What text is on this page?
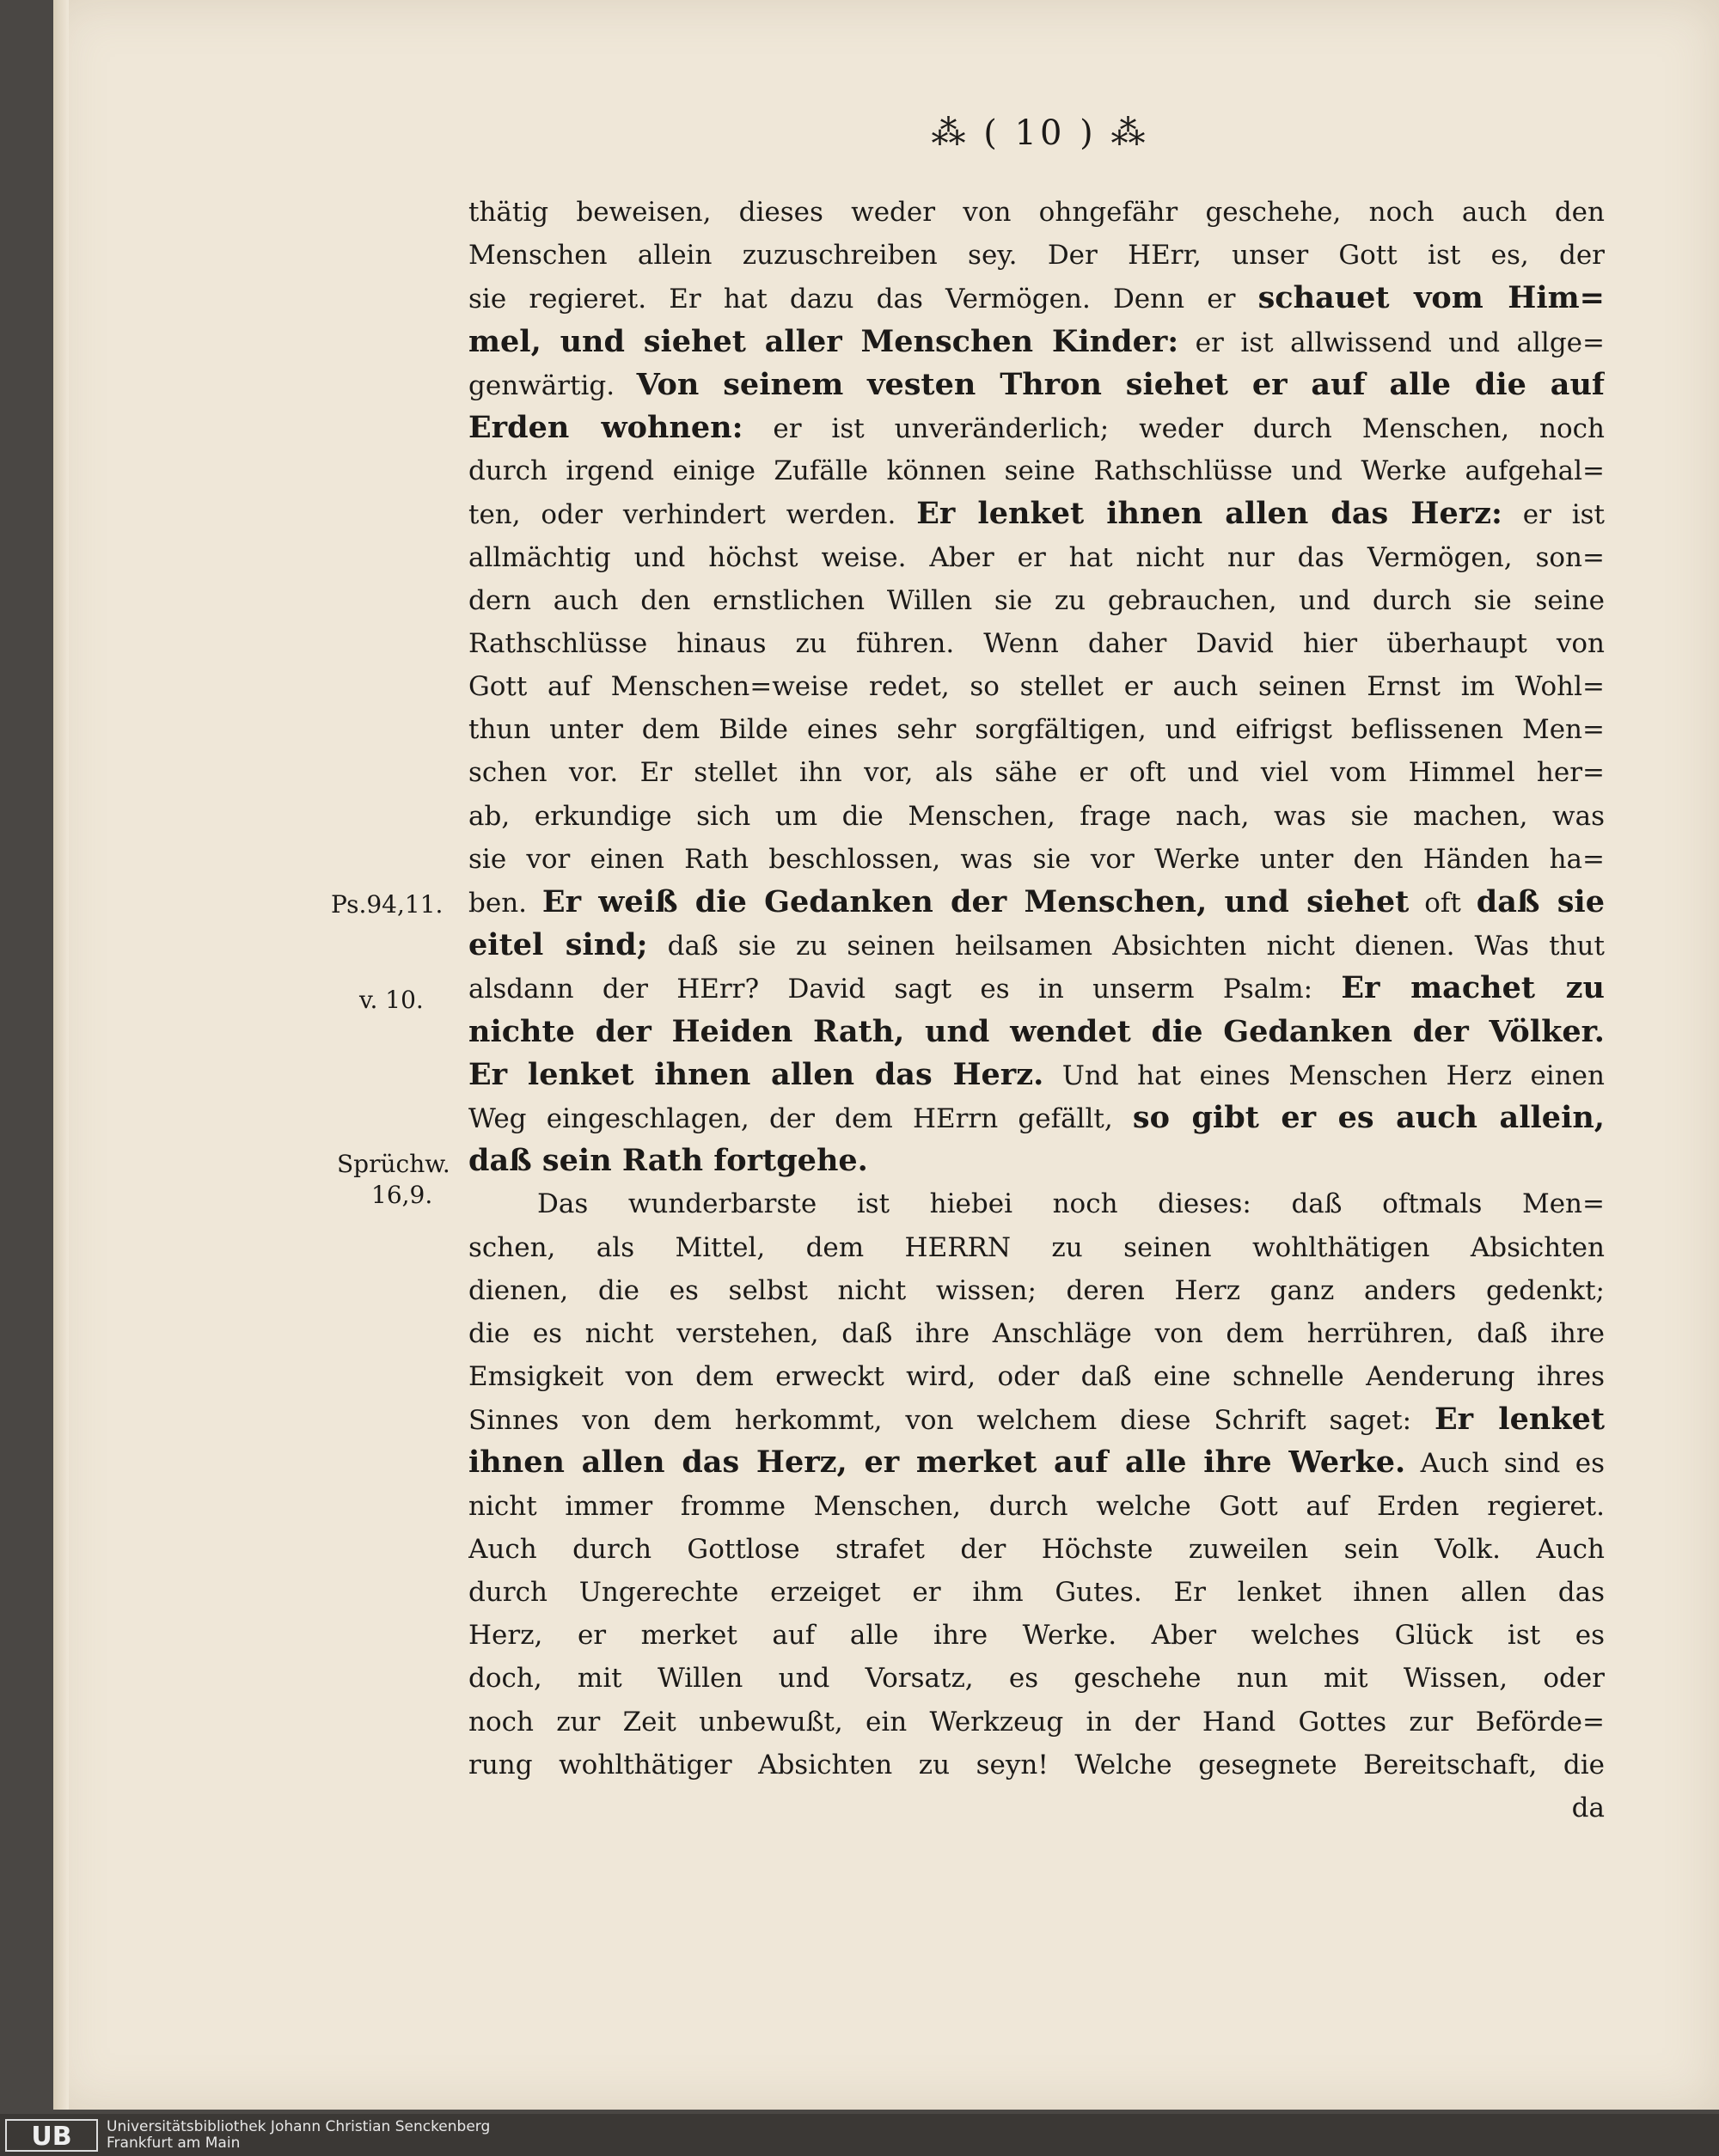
⁂ ( 10 ) ⁂
thätig beweisen, dieses weder von ohngefähr geschehe, noch auch den
Menschen allein zuzuschreiben sey. Der HErr, unser Gott ist es, der
sie regieret. Er hat dazu das Vermögen. Denn er schauet vom Him=
mel, und siehet aller Menschen Kinder: er ist allwissend und allge=
genwärtig. Von seinem vesten Thron siehet er auf alle die auf
Erden wohnen: er ist unveränderlich; weder durch Menschen, noch
durch irgend einige Zufälle können seine Rathschlüsse und Werke aufgehal=
ten, oder verhindert werden. Er lenket ihnen allen das Herz: er ist
allmächtig und höchst weise. Aber er hat nicht nur das Vermögen, son=
dern auch den ernstlichen Willen sie zu gebrauchen, und durch sie seine
Rathschlüsse hinaus zu führen. Wenn daher David hier überhaupt von
Gott auf Menschen=weise redet, so stellet er auch seinen Ernst im Wohl=
thun unter dem Bilde eines sehr sorgfältigen, und eifrigst beflissenen Men=
schen vor. Er stellet ihn vor, als sähe er oft und viel vom Himmel her=
ab, erkundige sich um die Menschen, frage nach, was sie machen, was
sie vor einen Rath beschlossen, was sie vor Werke unter den Händen ha=
ben. Er weiß die Gedanken der Menschen, und siehet oft daß sie
eitel sind; daß sie zu seinen heilsamen Absichten nicht dienen. Was thut
alsdann der HErr? David sagt es in unserm Psalm: Er machet zu
nichte der Heiden Rath, und wendet die Gedanken der Völker.
Er lenket ihnen allen das Herz. Und hat eines Menschen Herz einen
Weg eingeschlagen, der dem HErrn gefällt, so gibt er es auch allein,
daß sein Rath fortgehe.
Das wunderbarste ist hiebei noch dieses: daß oftmals Men=
schen, als Mittel, dem HERRN zu seinen wohlthätigen Absichten
dienen, die es selbst nicht wissen; deren Herz ganz anders gedenkt;
die es nicht verstehen, daß ihre Anschläge von dem herrühren, daß ihre
Emsigkeit von dem erweckt wird, oder daß eine schnelle Aenderung ihres
Sinnes von dem herkommt, von welchem diese Schrift saget: Er lenket
ihnen allen das Herz, er merket auf alle ihre Werke. Auch sind es
nicht immer fromme Menschen, durch welche Gott auf Erden regieret.
Auch durch Gottlose strafet der Höchste zuweilen sein Volk. Auch
durch Ungerechte erzeiget er ihm Gutes. Er lenket ihnen allen das
Herz, er merket auf alle ihre Werke. Aber welches Glück ist es
doch, mit Willen und Vorsatz, es geschehe nun mit Wissen, oder
noch zur Zeit unbewußt, ein Werkzeug in der Hand Gottes zur Beförde=
rung wohlthätiger Absichten zu seyn! Welche gesegnete Bereitschaft, die
da
Ps.94,11.
v. 10.
Sprüchw.
16,9.
UB	Universitätsbibliothek Johann Christian Senckenberg
Frankfurt am Main
